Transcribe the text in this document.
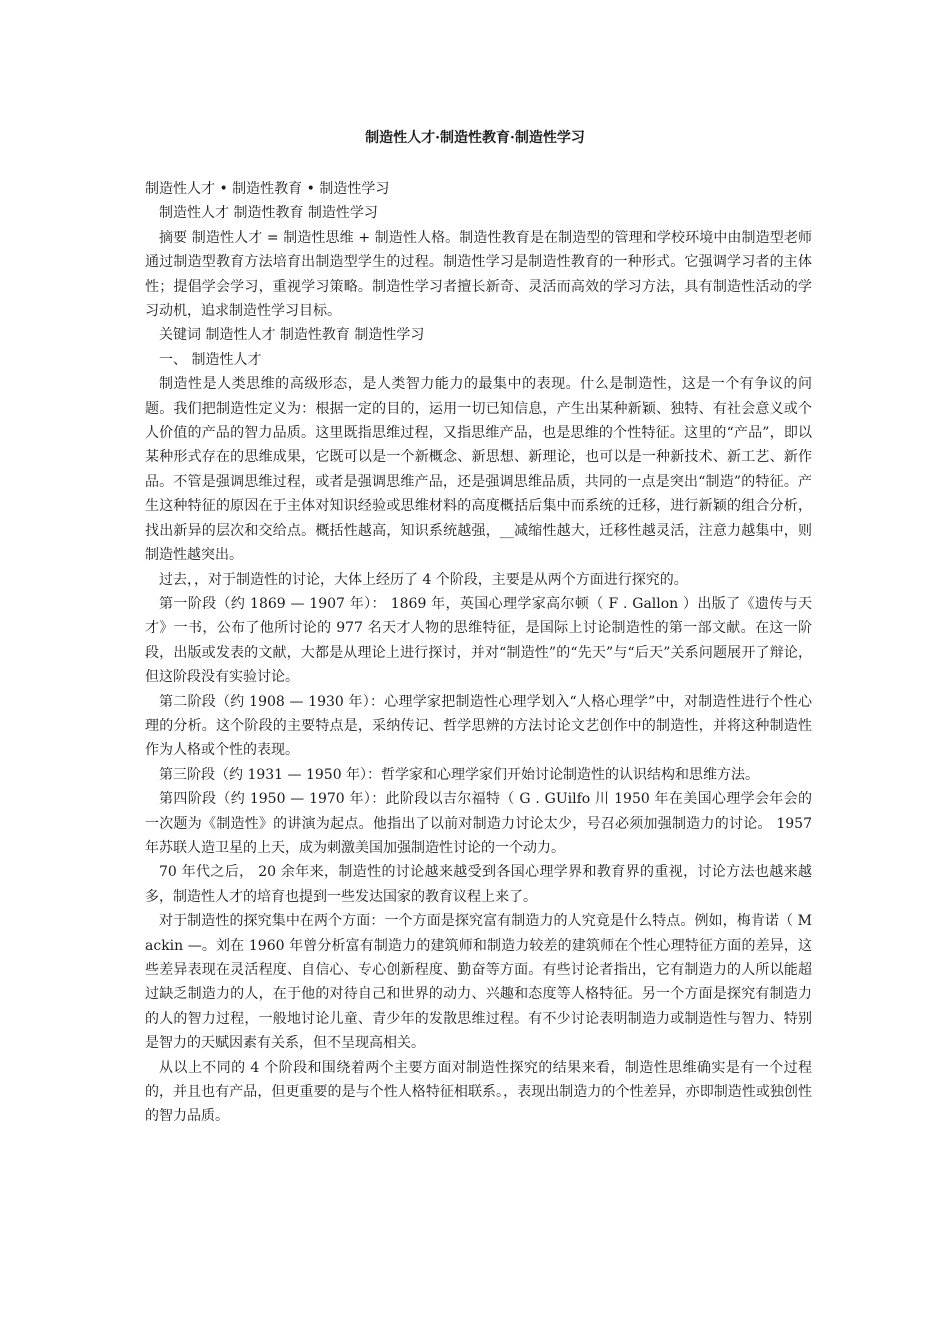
制造性人才·制造性教育·制造性学习

制造性人才 • 制造性教育 • 制造性学习

制造性人才 制造性教育 制造性学习

摘要 制造性人才 = 制造性思维 + 制造性人格。制造性教育是在制造型的管理和学校环境中由制造型老师通过制造型教育方法培育出制造型学生的过程。制造性学习是制造性教育的一种形式。它强调学习者的主体性；提倡学会学习，重视学习策略。制造性学习者擅长新奇、灵活而高效的学习方法，具有制造性活动的学习动机，追求制造性学习目标。

关键词 制造性人才 制造性教育 制造性学习

一、 制造性人才

制造性是人类思维的高级形态，是人类智力能力的最集中的表现。什么是制造性，这是一个有争议的问题。我们把制造性定义为：根据一定的目的，运用一切已知信息，产生出某种新颖、独特、有社会意义或个人价值的产品的智力品质。这里既指思维过程，又指思维产品，也是思维的个性特征。这里的“产品”，即以某种形式存在的思维成果，它既可以是一个新概念、新思想、新理论，也可以是一种新技术、新工艺、新作品。不管是强调思维过程，或者是强调思维产品，还是强调思维品质，共同的一点是突出“制造”的特征。产生这种特征的原因在于主体对知识经验或思维材料的高度概括后集中而系统的迁移，进行新颖的组合分析，找出新异的层次和交给点。概括性越高，知识系统越强，__减缩性越大，迁移性越灵活，注意力越集中，则制造性越突出。

过去，，对于制造性的讨论，大体上经历了 4 个阶段，主要是从两个方面进行探究的。

第一阶段（约 1869 — 1907 年）： 1869 年，英国心理学家高尔顿（ F . Gallon ）出版了《遗传与天才》一书，公布了他所讨论的 977 名天才人物的思维特征，是国际上讨论制造性的第一部文献。在这一阶段，出版或发表的文献，大都是从理论上进行探讨，并对“制造性”的“先天”与“后天”关系问题展开了辩论，但这阶段没有实验讨论。

第二阶段（约 1908 — 1930 年）：心理学家把制造性心理学划入“人格心理学”中，对制造性进行个性心理的分析。这个阶段的主要特点是，采纳传记、哲学思辨的方法讨论文艺创作中的制造性，并将这种制造性作为人格或个性的表现。

第三阶段（约 1931 — 1950 年）：哲学家和心理学家们开始讨论制造性的认识结构和思维方法。

第四阶段（约 1950 — 1970 年）：此阶段以吉尔福特（ G . GUilfo 川 1950 年在美国心理学会年会的一次题为《制造性》的讲演为起点。他指出了以前对制造力讨论太少，号召必须加强制造力的讨论。 1957 年苏联人造卫星的上天，成为刺激美国加强制造性讨论的一个动力。

70 年代之后， 20 余年来，制造性的讨论越来越受到各国心理学界和教育界的重视，讨论方法也越来越多，制造性人才的培育也提到一些发达国家的教育议程上来了。

对于制造性的探究集中在两个方面：一个方面是探究富有制造力的人究竟是什么特点。例如，梅肯诺（ Mackin —。刘在 1960 年曾分析富有制造力的建筑师和制造力较差的建筑师在个性心理特征方面的差异，这些差异表现在灵活程度、自信心、专心创新程度、勤奋等方面。有些讨论者指出，它有制造力的人所以能超过缺乏制造力的人，在于他的对待自己和世界的动力、兴趣和态度等人格特征。另一个方面是探究有制造力的人的智力过程，一般地讨论儿童、青少年的发散思维过程。有不少讨论表明制造力或制造性与智力、特别是智力的天赋因素有关系，但不呈现高相关。

从以上不同的 4 个阶段和围绕着两个主要方面对制造性探究的结果来看，制造性思维确实是有一个过程的，并且也有产品，但更重要的是与个性人格特征相联系。，表现出制造力的个性差异，亦即制造性或独创性的智力品质。
